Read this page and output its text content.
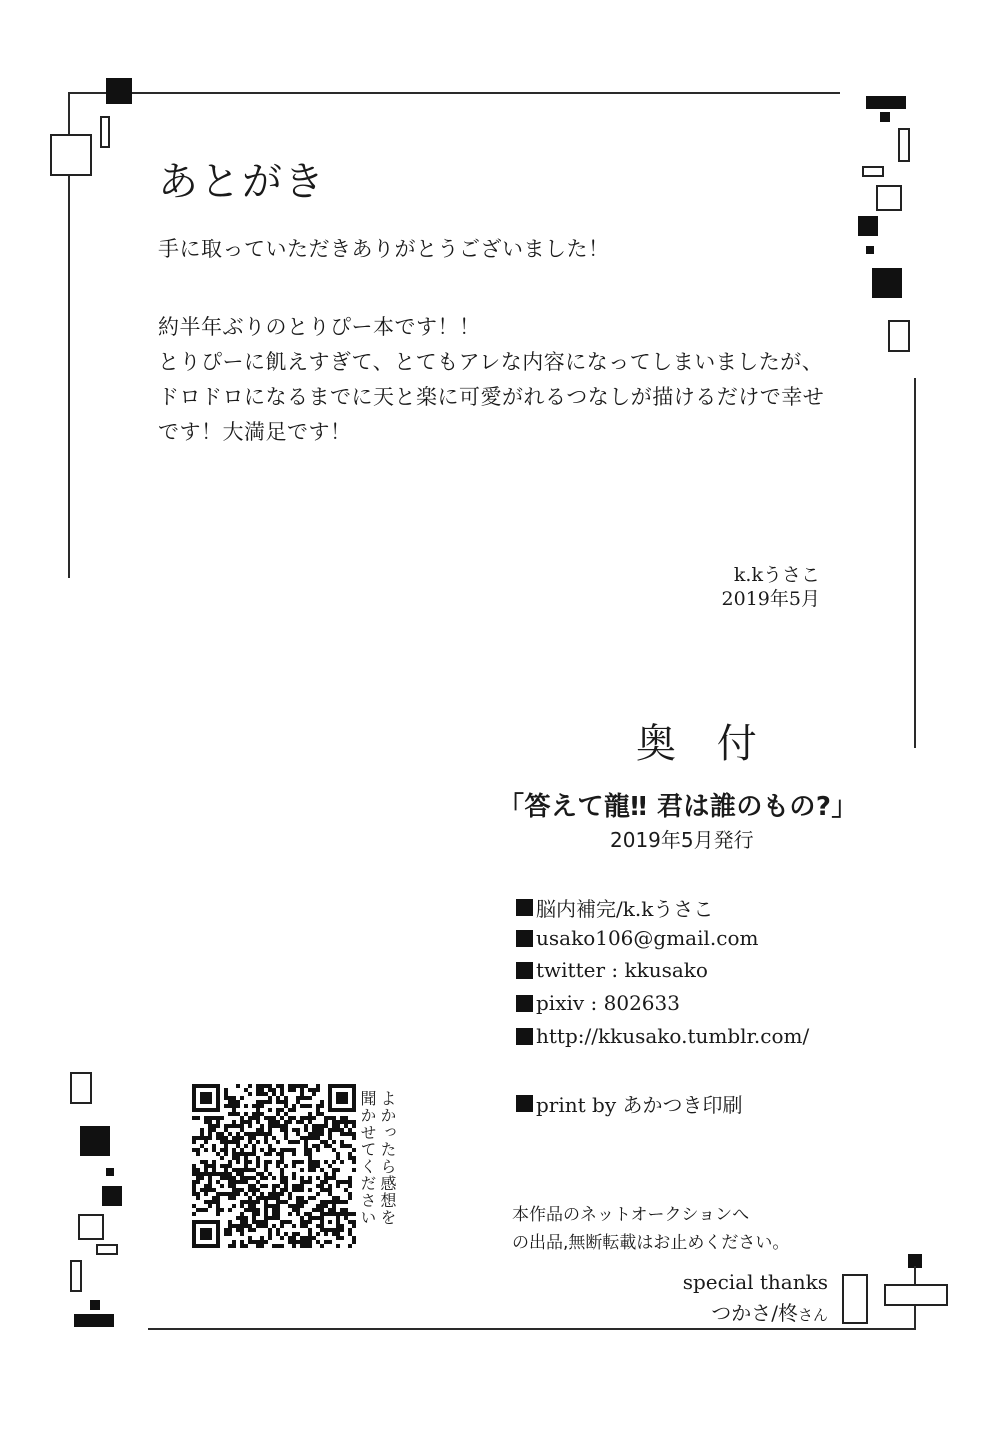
あとがき
手に取っていただきありがとうございました！
約半年ぶりのとりぴー本です！！
とりぴーに飢えすぎて、とてもアレな内容になってしまいましたが、
ドロドロになるまでに天と楽に可愛がれるつなしが描けるだけで幸せ
です！大満足です！
k.kうさこ
2019年5月
奥 付
「答えて龍‼ 君は誰のもの?」
2019年5月発行
脳内補完/k.kうさこ
usako106@gmail.com
twitter : kkusako
pixiv : 802633
http://kkusako.tumblr.com/
print by あかつき印刷
本作品のネットオークションへ
の出品,無断転載はお止めください。
special thanks
つかさ/柊さん
よかったら感想を
聞かせてください
